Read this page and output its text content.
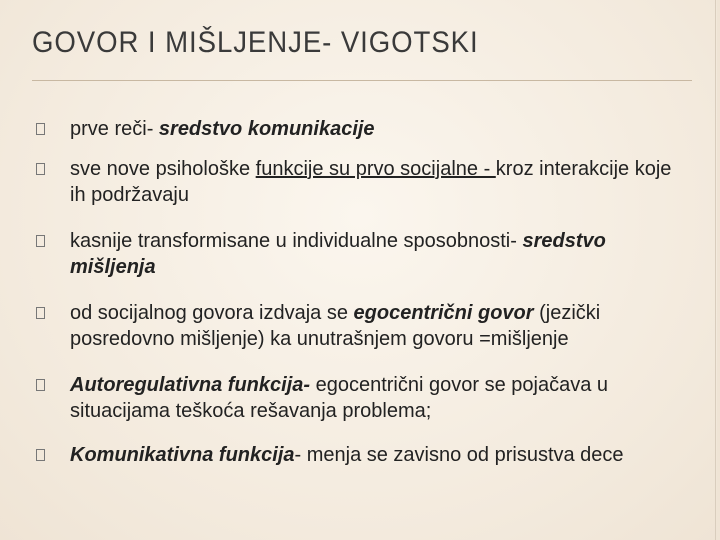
GOVOR I MIŠLJENJE- VIGOTSKI
prve reči- sredstvo komunikacije
sve nove psihološke funkcije su prvo socijalne - kroz interakcije koje ih podržavaju
kasnije transformisane u individualne sposobnosti- sredstvo mišljenja
od socijalnog govora izdvaja se egocentrični govor (jezički posredovno mišljenje) ka unutrašnjem govoru =mišljenje
Autoregulativna funkcija- egocentrični govor se pojačava u situacijama teškoća rešavanja problema;
Komunikativna funkcija- menja se zavisno od prisustva dece
